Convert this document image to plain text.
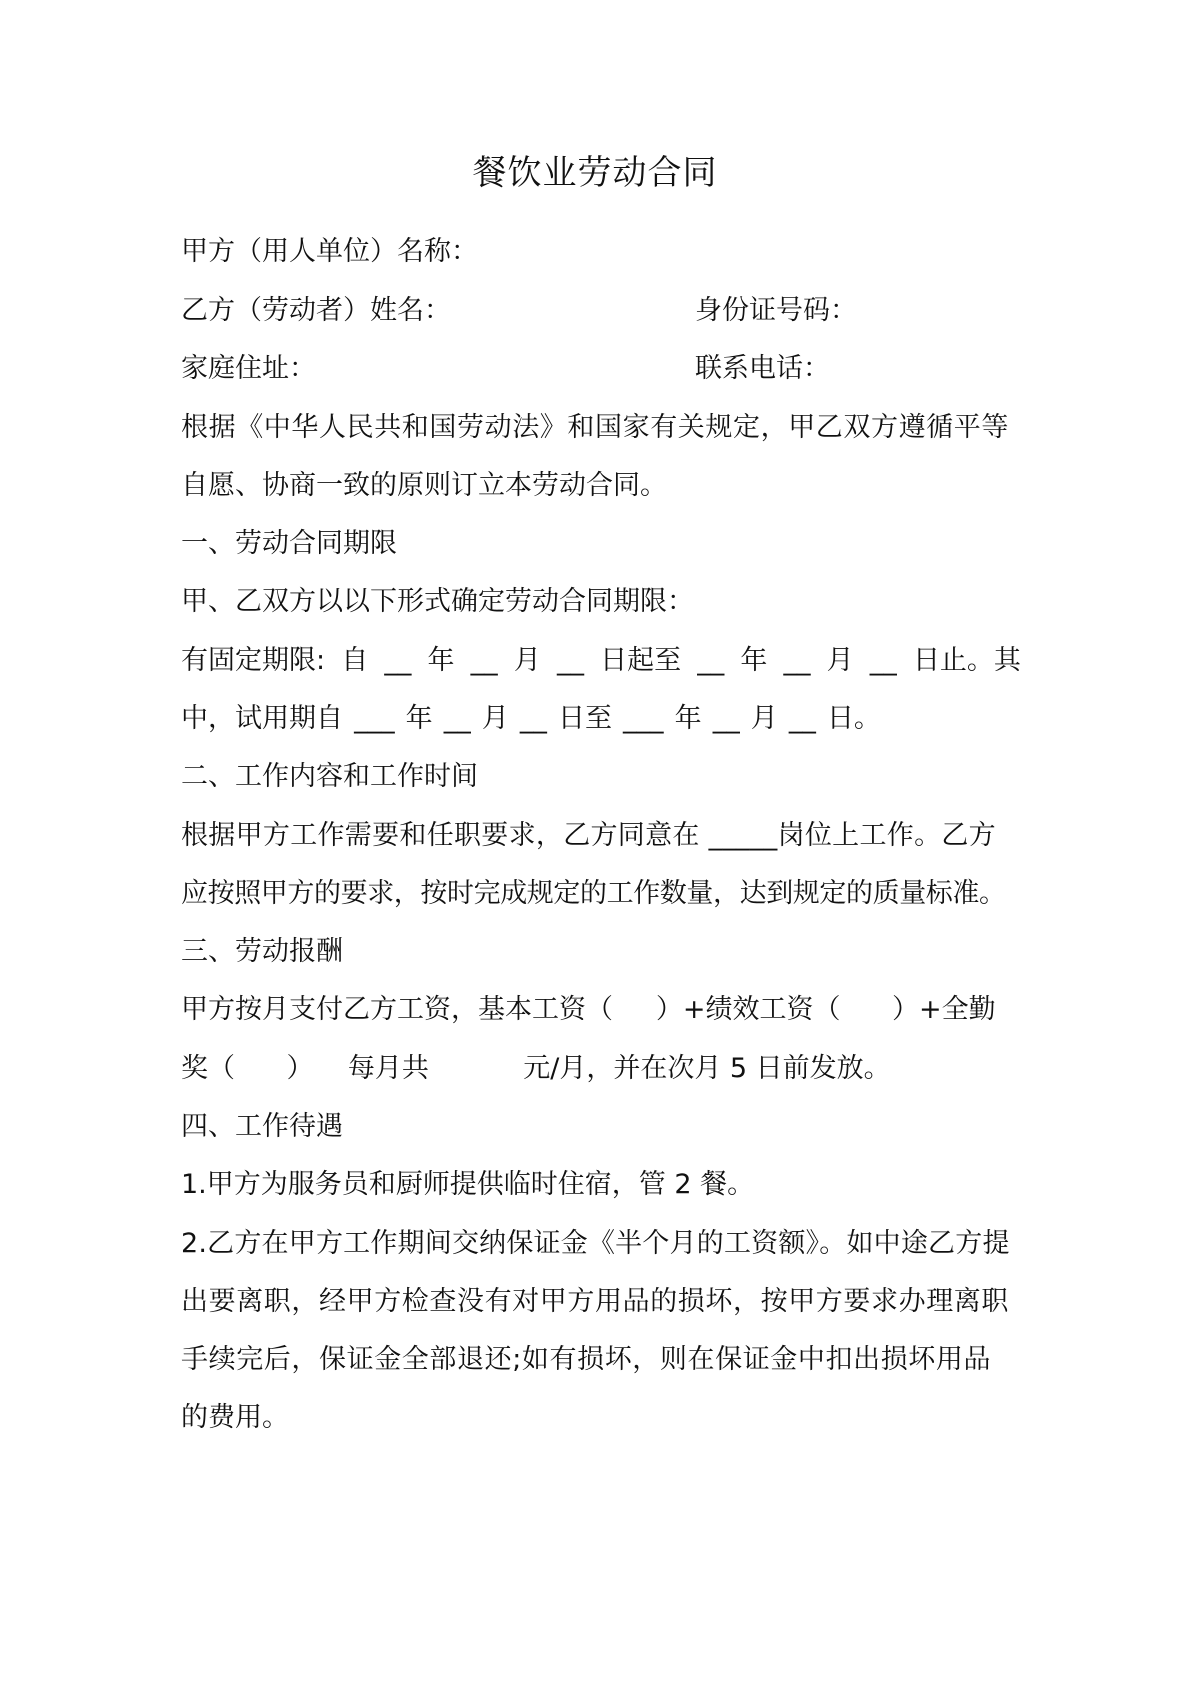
餐饮业劳动合同
甲方（用人单位）名称：
乙方（劳动者）姓名：	身份证号码：
家庭住址：	联系电话：
根据《中华人民共和国劳动法》和国家有关规定，甲乙双方遵循平等
自愿、协商一致的原则订立本劳动合同。
一、劳动合同期限
甲、乙双方以以下形式确定劳动合同期限：
有固定期限: 自 __ 年 __ 月 __ 日起至 __ 年 __ 月 __ 日止。其
中，试用期自 ___ 年 __ 月 __ 日至 ___ 年 __ 月 __ 日。
二、工作内容和工作时间
根据甲方工作需要和任职要求，乙方同意在 _____岗位上工作。乙方
应按照甲方的要求，按时完成规定的工作数量，达到规定的质量标准。
三、劳动报酬
甲方按月支付乙方工资，基本工资（     ）+绩效工资（      ）+全勤
奖（      ）    每月共           元/月，并在次月 5 日前发放。
四、工作待遇
1.甲方为服务员和厨师提供临时住宿，管 2 餐。
2.乙方在甲方工作期间交纳保证金《半个月的工资额》。如中途乙方提
出要离职，经甲方检查没有对甲方用品的损坏，按甲方要求办理离职
手续完后，保证金全部退还;如有损坏，则在保证金中扣出损坏用品
的费用。
